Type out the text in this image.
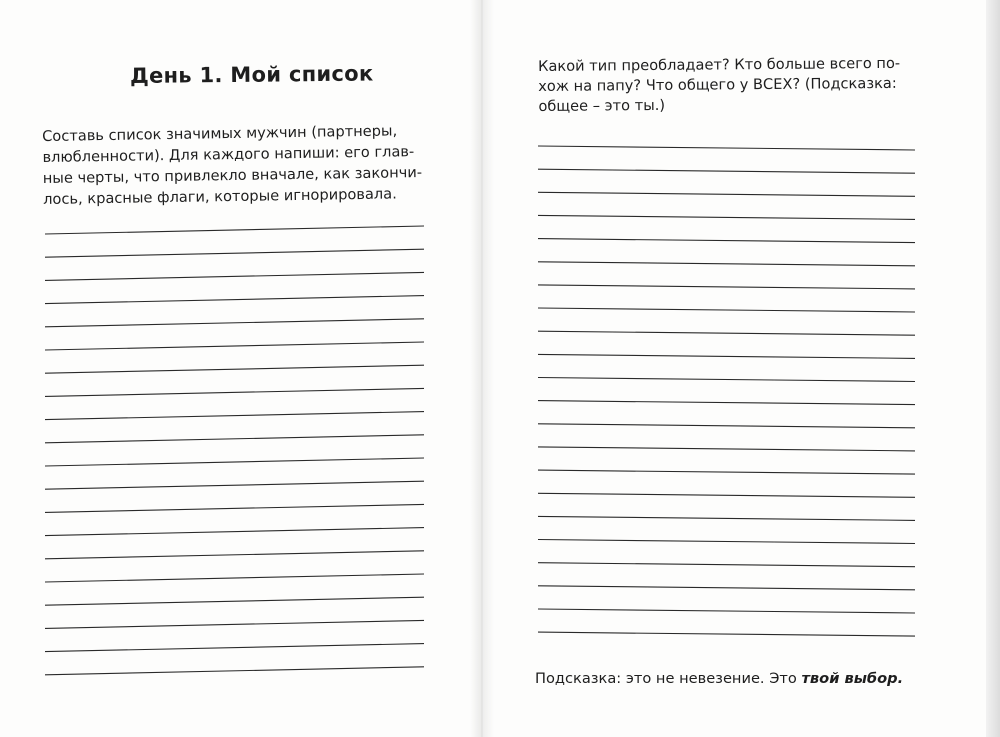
День 1. Мой список
Составь список значимых мужчин (партнеры,
влюбленности). Для каждого напиши: его глав-
ные черты, что привлекло вначале, как закончи-
лось, красные флаги, которые игнорировала.
Какой тип преобладает? Кто больше всего по-
хож на папу? Что общего у ВСЕХ? (Подсказка:
общее – это ты.)
Подсказка: это не невезение. Это твой выбор.
